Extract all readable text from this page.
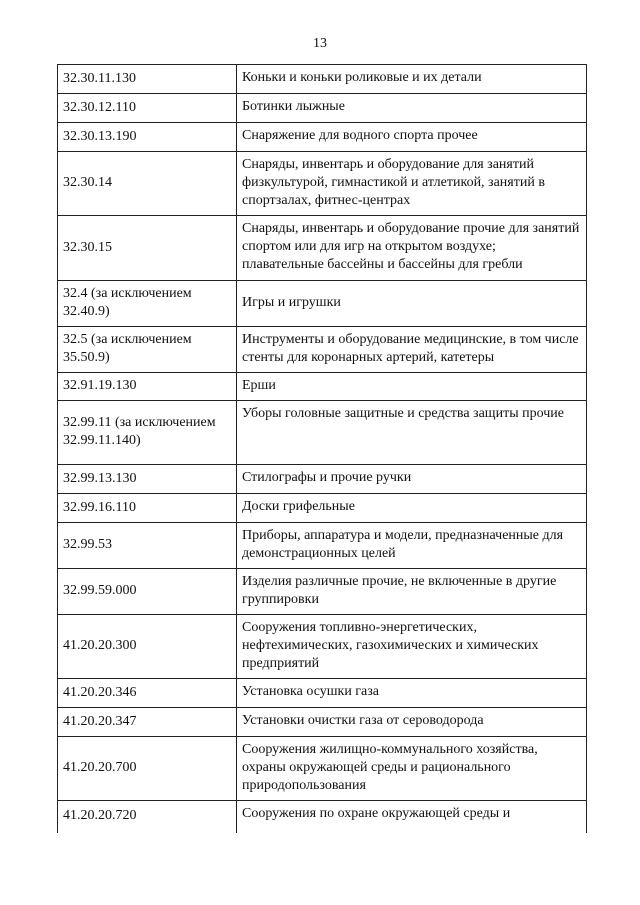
13
32.30.11.130	Коньки и коньки роликовые и их детали
32.30.12.110	Ботинки лыжные
32.30.13.190	Снаряжение для водного спорта прочее
32.30.14	Снаряды, инвентарь и оборудование для занятий физкультурой, гимнастикой и атлетикой, занятий в спортзалах, фитнес-центрах
32.30.15	Снаряды, инвентарь и оборудование прочие для занятий спортом или для игр на открытом воздухе; плавательные бассейны и бассейны для гребли
32.4 (за исключением 32.40.9)	Игры и игрушки
32.5 (за исключением 35.50.9)	Инструменты и оборудование медицинские, в том числе стенты для коронарных артерий, катетеры
32.91.19.130	Ерши
32.99.11 (за исключением 32.99.11.140)	Уборы головные защитные и средства защиты прочие
32.99.13.130	Стилографы и прочие ручки
32.99.16.110	Доски грифельные
32.99.53	Приборы, аппаратура и модели, предназначенные для демонстрационных целей
32.99.59.000	Изделия различные прочие, не включенные в другие группировки
41.20.20.300	Сооружения топливно-энергетических, нефтехимических, газохимических и химических предприятий
41.20.20.346	Установка осушки газа
41.20.20.347	Установки очистки газа от сероводорода
41.20.20.700	Сооружения жилищно-коммунального хозяйства, охраны окружающей среды и рационального природопользования
41.20.20.720	Сооружения по охране окружающей среды и
